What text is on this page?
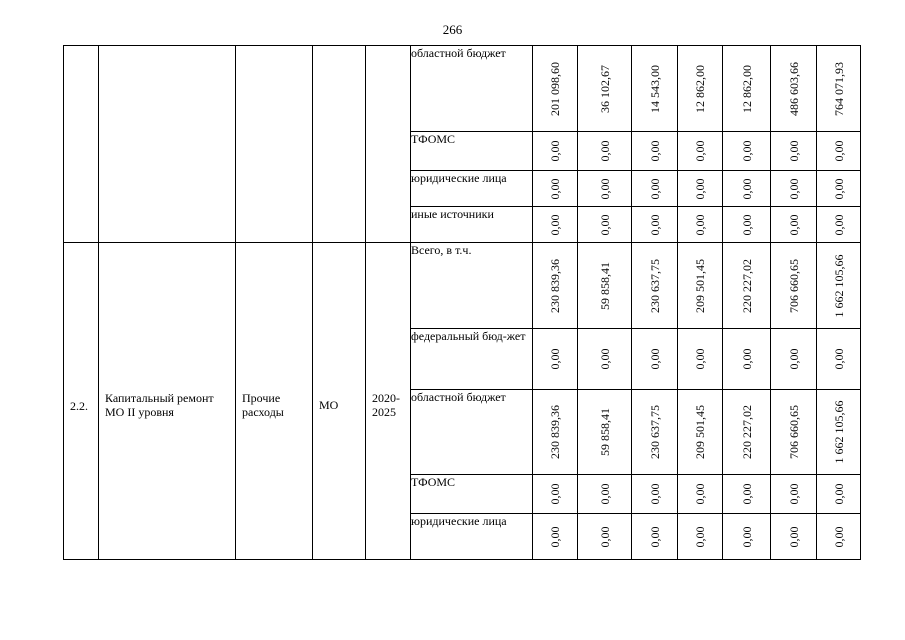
266
					областной бюджет	201 098,60	36 102,67	14 543,00	12 862,00	12 862,00	486 603,66	764 071,93

					ТФОМС	0,00	0,00	0,00	0,00	0,00	0,00	0,00

					юридические лица	0,00	0,00	0,00	0,00	0,00	0,00	0,00

					иные источники	0,00	0,00	0,00	0,00	0,00	0,00	0,00

2.2.	Капитальный ремонт МО II уровня	Прочие расходы	МО	2020-2025	Всего, в т.ч.	230 839,36	59 858,41	230 637,75	209 501,45	220 227,02	706 660,65	1 662 105,66

					федеральный бюд-жет	0,00	0,00	0,00	0,00	0,00	0,00	0,00

					областной бюджет	230 839,36	59 858,41	230 637,75	209 501,45	220 227,02	706 660,65	1 662 105,66

					ТФОМС	0,00	0,00	0,00	0,00	0,00	0,00	0,00

					юридические лица	0,00	0,00	0,00	0,00	0,00	0,00	0,00
